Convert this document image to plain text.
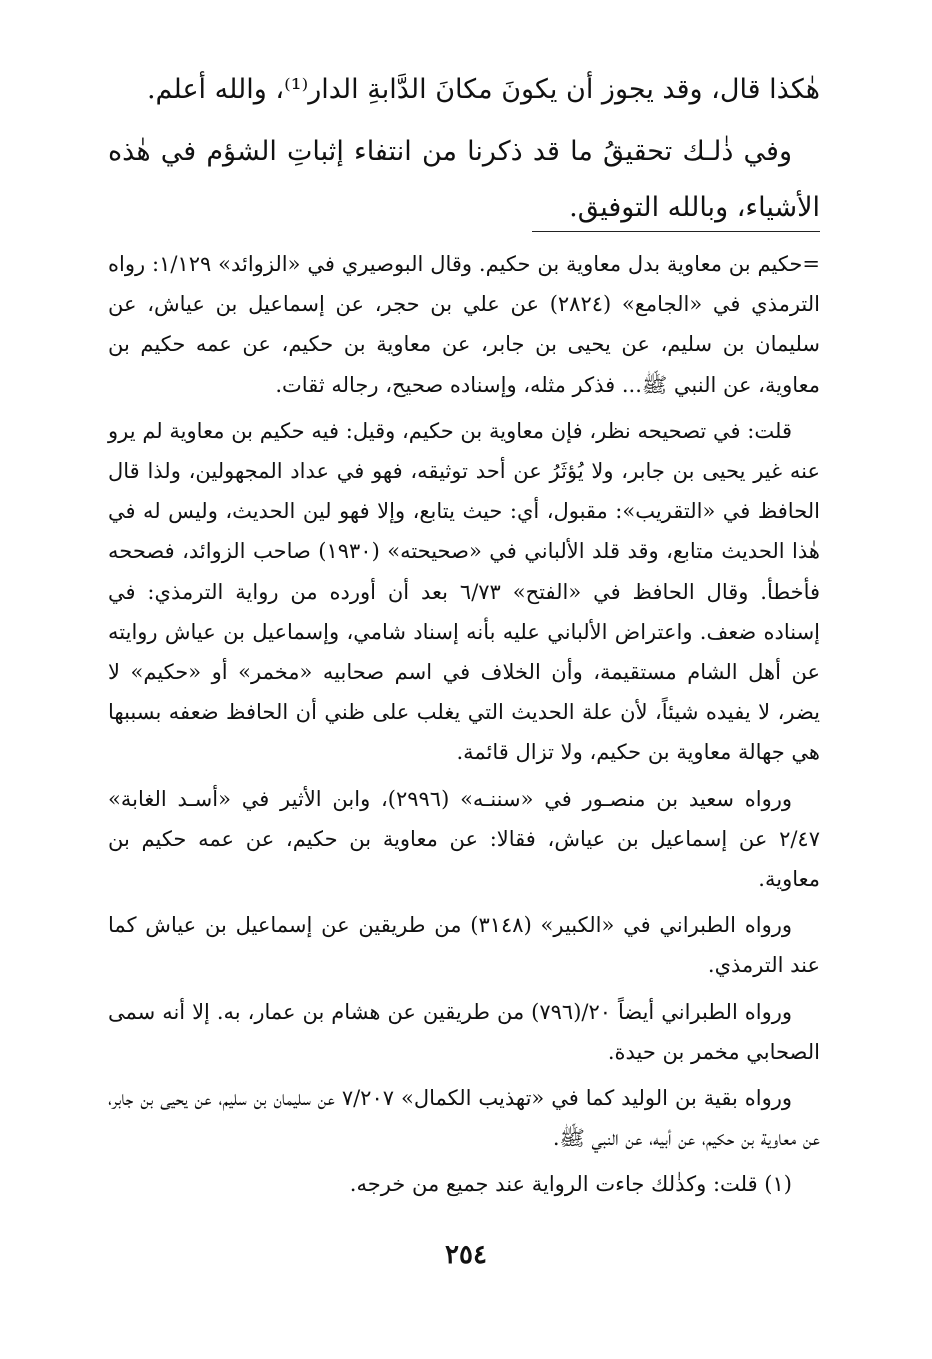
هٰكذا قال، وقد يجوز أن يكونَ مكانَ الدَّابةِ الدار⁽¹⁾، والله أعلم.

وفي ذٰلـك تحقيقُ ما قد ذكرنا من انتفاء إثباتِ الشؤم في هٰذه الأشياء، وبالله التوفيق.

=حكيم بن معاوية بدل معاوية بن حكيم. وقال البوصيري في «الزوائد» ١/١٢٩: رواه الترمذي في «الجامع» (٢٨٢٤) عن علي بن حجر، عن إسماعيل بن عياش، عن سليمان بن سليم، عن يحيى بن جابر، عن معاوية بن حكيم، عن عمه حكيم بن معاوية، عن النبي ﷺ... فذكر مثله، وإسناده صحيح، رجاله ثقات.

قلت: في تصحيحه نظر، فإن معاوية بن حكيم، وقيل: فيه حكيم بن معاوية لم يرو عنه غير يحيى بن جابر، ولا يُؤثَرُ عن أحد توثيقه، فهو في عداد المجهولين، ولذا قال الحافظ في «التقريب»: مقبول، أي: حيث يتابع، وإلا فهو لين الحديث، وليس له في هٰذا الحديث متابع، وقد قلد الألباني في «صحيحته» (١٩٣٠) صاحب الزوائد، فصححه فأخطأ. وقال الحافظ في «الفتح» ٦/٧٣ بعد أن أورده من رواية الترمذي: في إسناده ضعف. واعتراض الألباني عليه بأنه إسناد شامي، وإسماعيل بن عياش روايته عن أهل الشام مستقيمة، وأن الخلاف في اسم صحابيه «مخمر» أو «حكيم» لا يضر، لا يفيده شيئاً، لأن علة الحديث التي يغلب على ظني أن الحافظ ضعفه بسببها هي جهالة معاوية بن حكيم، ولا تزال قائمة.

ورواه سعيد بن منصـور في «سننـه» (٢٩٩٦)، وابن الأثير في «أسـد الغابة» ٢/٤٧ عن إسماعيل بن عياش، فقالا: عن معاوية بن حكيم، عن عمه حكيم بن معاوية.

ورواه الطبراني في «الكبير» (٣١٤٨) من طريقين عن إسماعيل بن عياش كما عند الترمذي.

ورواه الطبراني أيضاً ٢٠/(٧٩٦) من طريقين عن هشام بن عمار، به. إلا أنه سمى الصحابي مخمر بن حيدة.

ورواه بقية بن الوليد كما في «تهذيب الكمال» ٧/٢٠٧ عن سليمان بن سليم، عن يحيى بن جابر، عن معاوية بن حكيم، عن أبيه، عن النبي ﷺ.

(١) قلت: وكذٰلك جاءت الرواية عند جميع من خرجه.

٢٥٤
